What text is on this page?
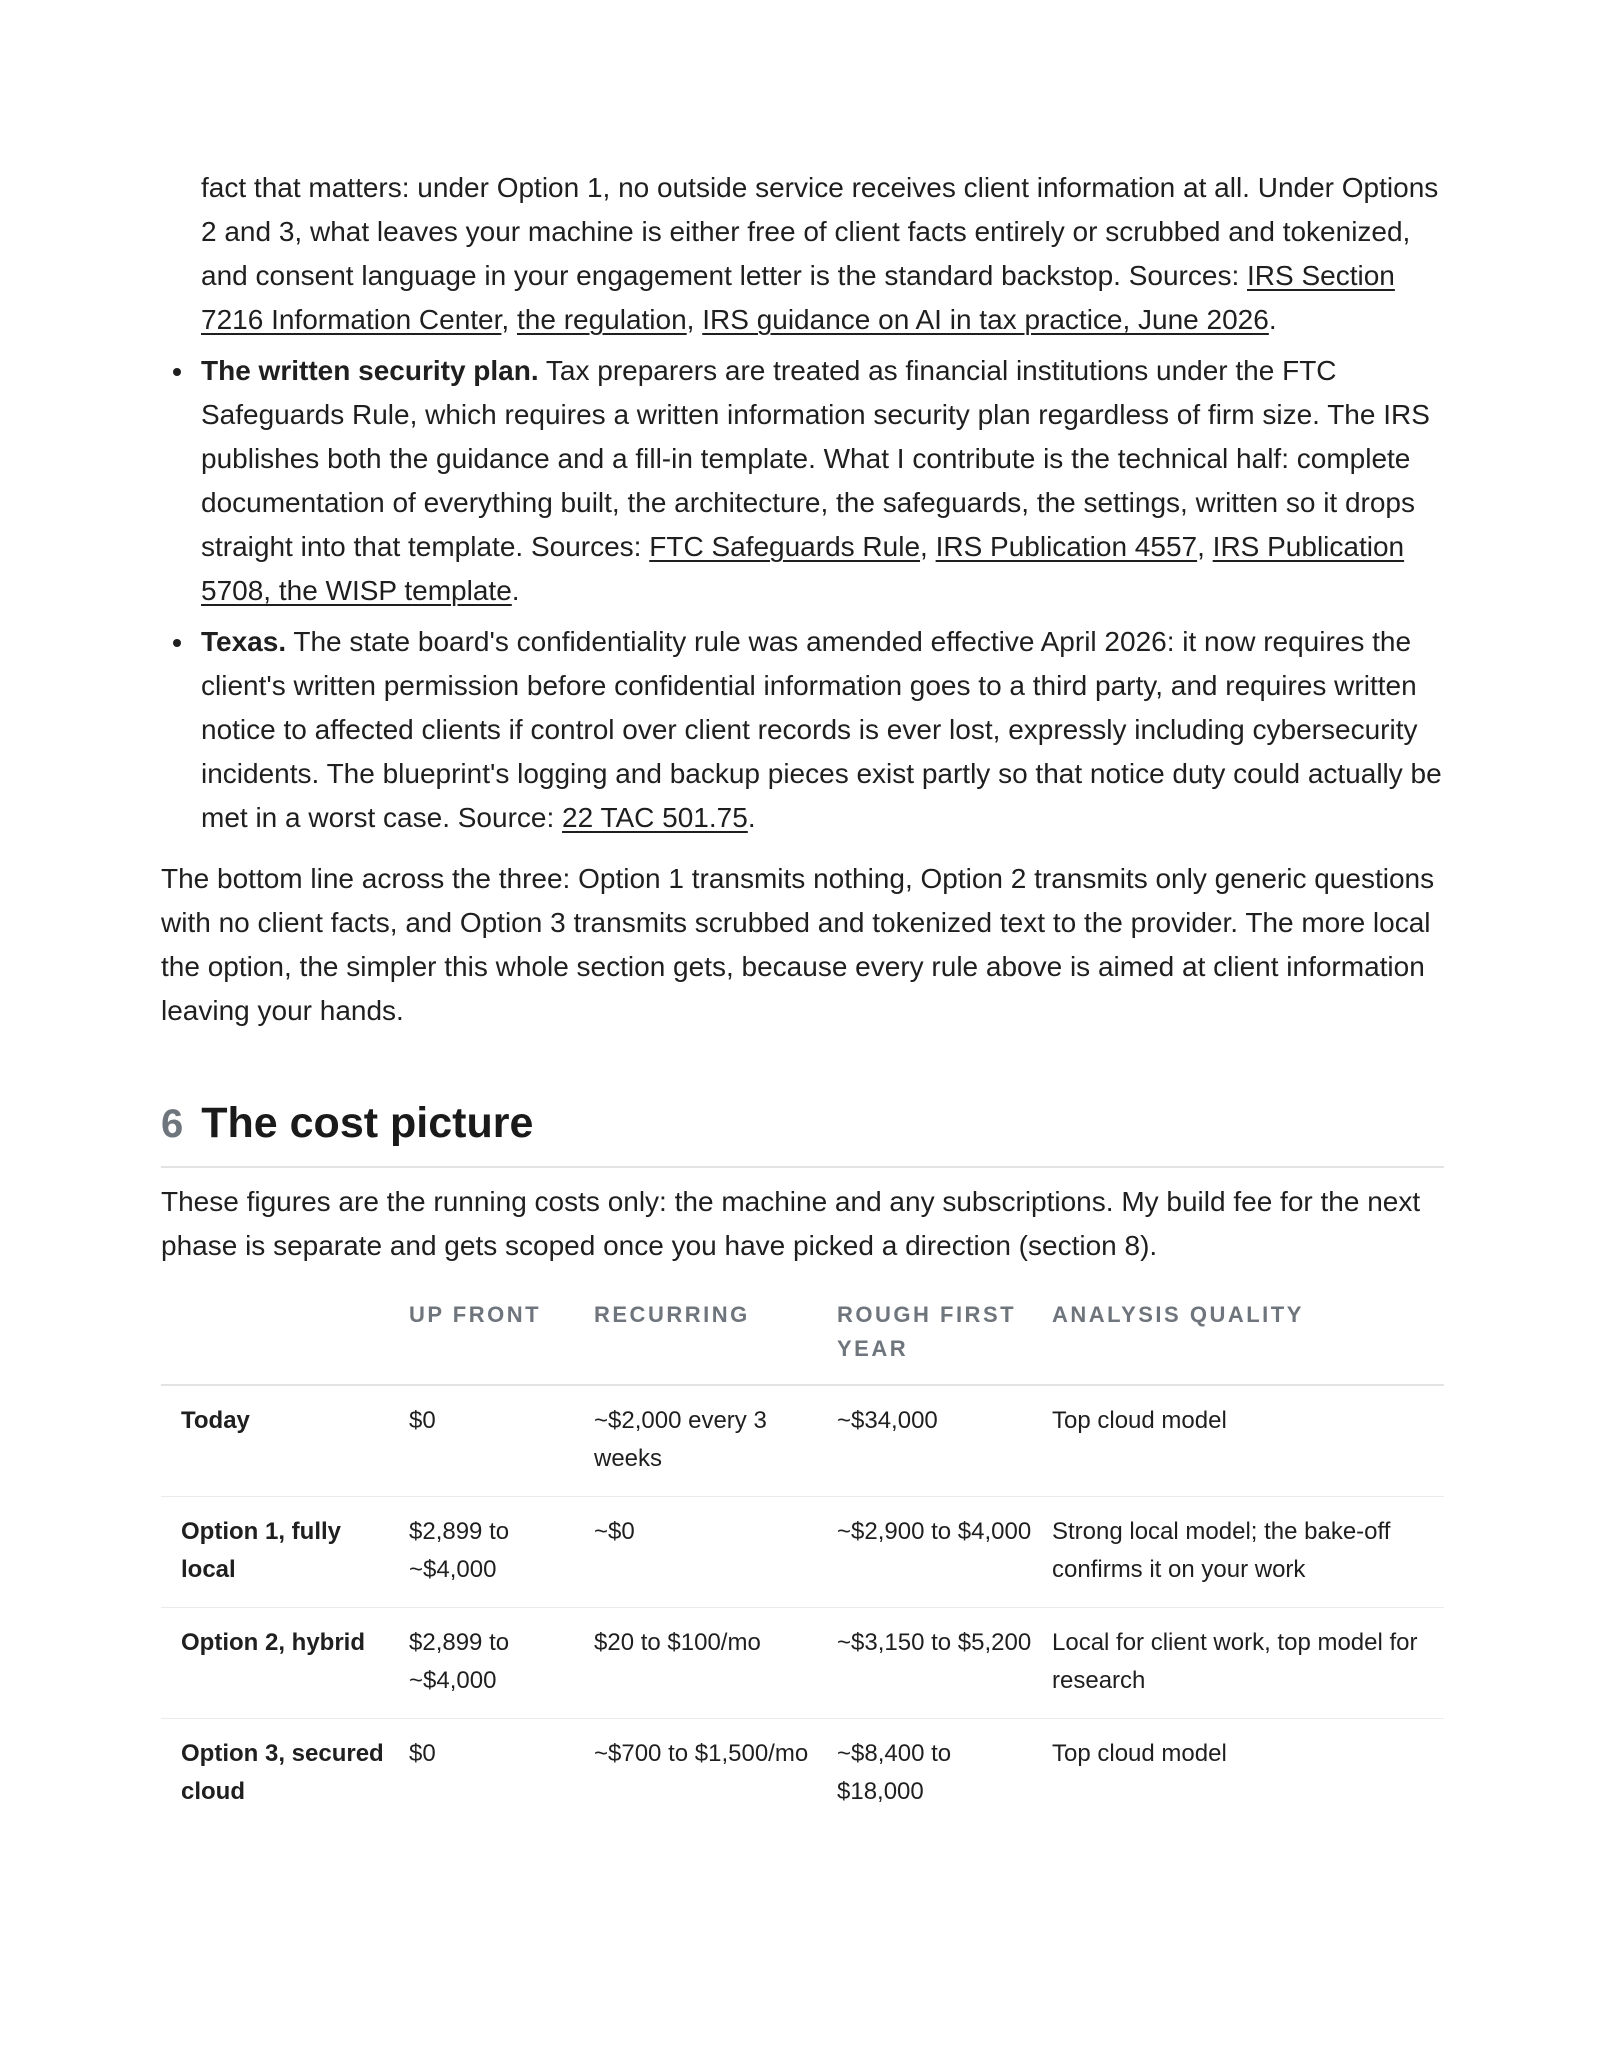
fact that matters: under Option 1, no outside service receives client information at all. Under Options 2 and 3, what leaves your machine is either free of client facts entirely or scrubbed and tokenized, and consent language in your engagement letter is the standard backstop. Sources: IRS Section 7216 Information Center, the regulation, IRS guidance on AI in tax practice, June 2026.

The written security plan. Tax preparers are treated as financial institutions under the FTC Safeguards Rule, which requires a written information security plan regardless of firm size. The IRS publishes both the guidance and a fill-in template. What I contribute is the technical half: complete documentation of everything built, the architecture, the safeguards, the settings, written so it drops straight into that template. Sources: FTC Safeguards Rule, IRS Publication 4557, IRS Publication 5708, the WISP template.
Texas. The state board's confidentiality rule was amended effective April 2026: it now requires the client's written permission before confidential information goes to a third party, and requires written notice to affected clients if control over client records is ever lost, expressly including cybersecurity incidents. The blueprint's logging and backup pieces exist partly so that notice duty could actually be met in a worst case. Source: 22 TAC 501.75.

The bottom line across the three: Option 1 transmits nothing, Option 2 transmits only generic questions with no client facts, and Option 3 transmits scrubbed and tokenized text to the provider. The more local the option, the simpler this whole section gets, because every rule above is aimed at client information leaving your hands.

6 The cost picture

These figures are the running costs only: the machine and any subscriptions. My build fee for the next phase is separate and gets scoped once you have picked a direction (section 8).

	UP FRONT	RECURRING	ROUGH FIRST YEAR	ANALYSIS QUALITY
Today	$0	~$2,000 every 3 weeks	~$34,000	Top cloud model
Option 1, fully local	$2,899 to ~$4,000	~$0	~$2,900 to $4,000	Strong local model; the bake-off confirms it on your work
Option 2, hybrid	$2,899 to ~$4,000	$20 to $100/mo	~$3,150 to $5,200	Local for client work, top model for research
Option 3, secured cloud	$0	~$700 to $1,500/mo	~$8,400 to $18,000	Top cloud model
